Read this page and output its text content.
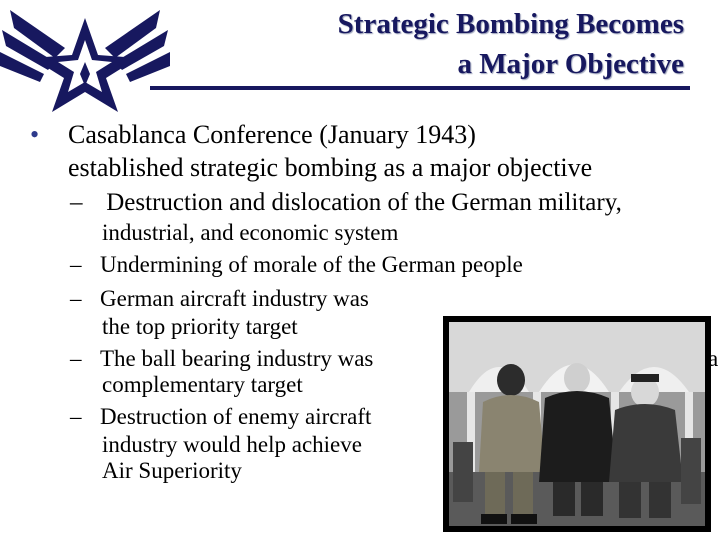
Strategic Bombing Becomes
a Major Objective
• Casablanca Conference (January 1943)
established strategic bombing as a major objective
– Destruction and dislocation of the German military,
industrial, and economic system
– Undermining of morale of the German people
– German aircraft industry was
the top priority target
– The ball bearing industry was
complementary target
– Destruction of enemy aircraft
industry would help achieve
Air Superiority
a
